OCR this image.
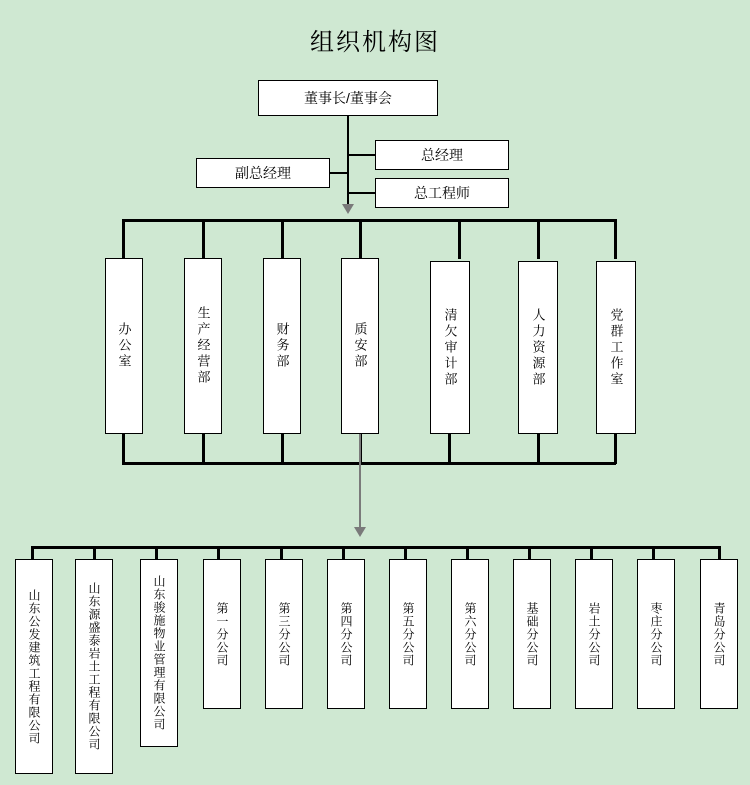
组织机构图
董事长/董事会
总经理
总工程师
副总经理
办公室	生产经营部	财务部	质安部	清欠审计部	人力资源部	党群工作室
山东公发建筑工程有限公司	山东源盛泰岩土工程有限公司	山东骏施物业管理有限公司	第一分公司	第三分公司	第四分公司	第五分公司	第六分公司	基础分公司	岩土分公司	枣庄分公司	青岛分公司
